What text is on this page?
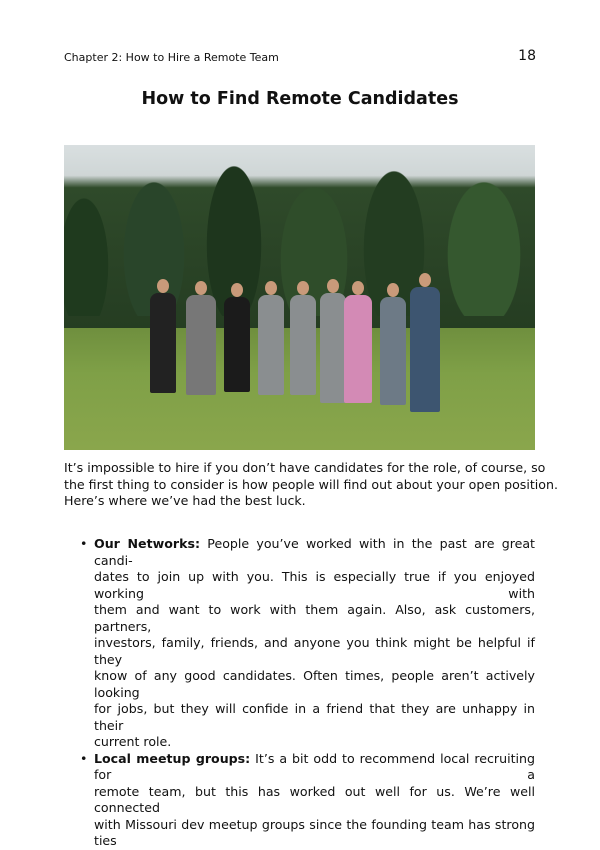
Chapter 2: How to Hire a Remote Team	18
How to Find Remote Candidates
It’s impossible to hire if you don’t have candidates for the role, of course, so
the first thing to consider is how people will find out about your open position.
Here’s where we’ve had the best luck.
• Our Networks: People you’ve worked with in the past are great candi-
dates to join up with you. This is especially true if you enjoyed working with
them and want to work with them again. Also, ask customers, partners,
investors, family, friends, and anyone you think might be helpful if they
know of any good candidates. Often times, people aren’t actively looking
for jobs, but they will confide in a friend that they are unhappy in their
current role.
• Local meetup groups: It’s a bit odd to recommend local recruiting for a
remote team, but this has worked out well for us. We’re well connected
with Missouri dev meetup groups since the founding team has strong ties
